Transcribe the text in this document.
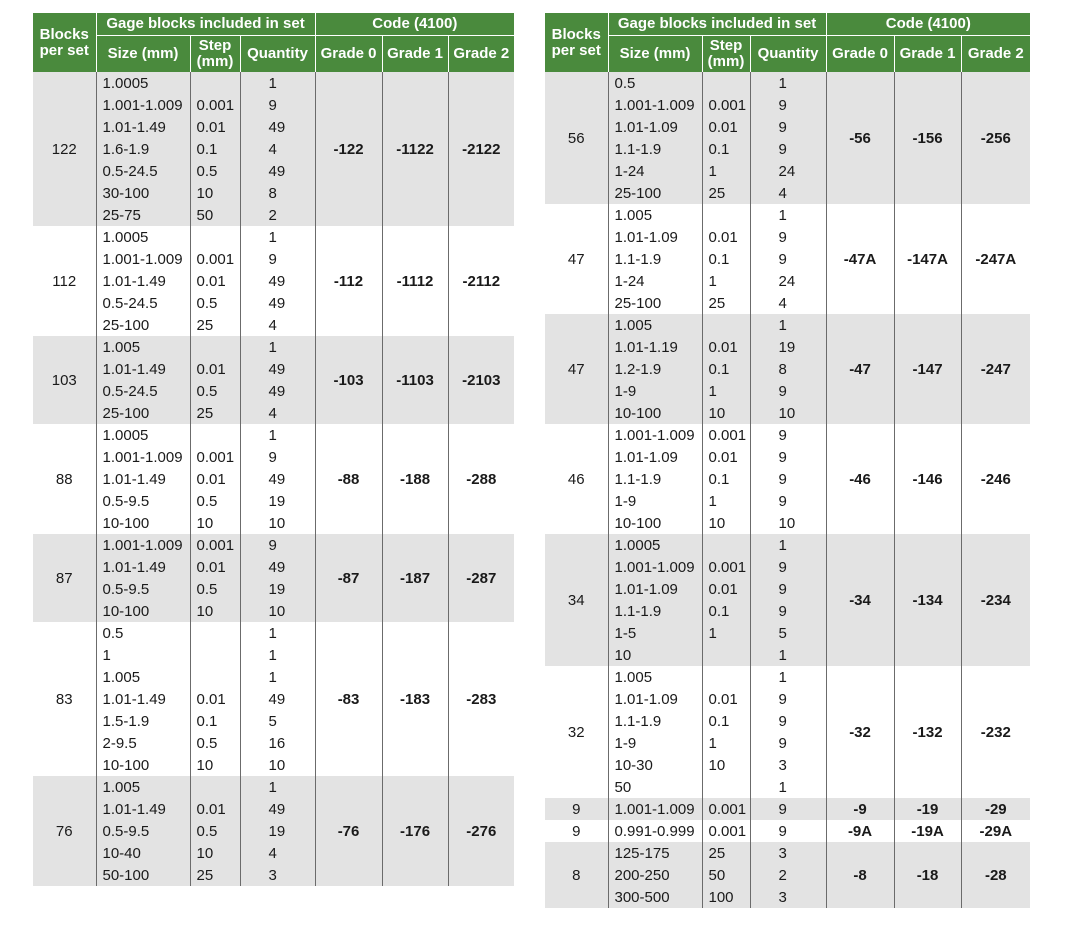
Blocks per set	Gage blocks included in set			Code (4100)		
	Size (mm)	Step (mm)	Quantity	Grade 0	Grade 1	Grade 2
122	1.0005		1	-122	-1122	-2122
	1.001-1.009	0.001	9			
	1.01-1.49	0.01	49			
	1.6-1.9	0.1	4			
	0.5-24.5	0.5	49			
	30-100	10	8			
	25-75	50	2			
112	1.0005		1	-112	-1112	-2112
	1.001-1.009	0.001	9			
	1.01-1.49	0.01	49			
	0.5-24.5	0.5	49			
	25-100	25	4			
103	1.005		1	-103	-1103	-2103
	1.01-1.49	0.01	49			
	0.5-24.5	0.5	49			
	25-100	25	4			
88	1.0005		1	-88	-188	-288
	1.001-1.009	0.001	9			
	1.01-1.49	0.01	49			
	0.5-9.5	0.5	19			
	10-100	10	10			
87	1.001-1.009	0.001	9	-87	-187	-287
	1.01-1.49	0.01	49			
	0.5-9.5	0.5	19			
	10-100	10	10			
83	0.5		1	-83	-183	-283
	1		1			
	1.005		1			
	1.01-1.49	0.01	49			
	1.5-1.9	0.1	5			
	2-9.5	0.5	16			
	10-100	10	10			
76	1.005		1	-76	-176	-276
	1.01-1.49	0.01	49			
	0.5-9.5	0.5	19			
	10-40	10	4			
	50-100	25	3			
Blocks per set	Gage blocks included in set			Code (4100)		
	Size (mm)	Step (mm)	Quantity	Grade 0	Grade 1	Grade 2
56	0.5		1	-56	-156	-256
	1.001-1.009	0.001	9			
	1.01-1.09	0.01	9			
	1.1-1.9	0.1	9			
	1-24	1	24			
	25-100	25	4			
47	1.005		1	-47A	-147A	-247A
	1.01-1.09	0.01	9			
	1.1-1.9	0.1	9			
	1-24	1	24			
	25-100	25	4			
47	1.005		1	-47	-147	-247
	1.01-1.19	0.01	19			
	1.2-1.9	0.1	8			
	1-9	1	9			
	10-100	10	10			
46	1.001-1.009	0.001	9	-46	-146	-246
	1.01-1.09	0.01	9			
	1.1-1.9	0.1	9			
	1-9	1	9			
	10-100	10	10			
34	1.0005		1	-34	-134	-234
	1.001-1.009	0.001	9			
	1.01-1.09	0.01	9			
	1.1-1.9	0.1	9			
	1-5	1	5			
	10		1			
32	1.005		1	-32	-132	-232
	1.01-1.09	0.01	9			
	1.1-1.9	0.1	9			
	1-9	1	9			
	10-30	10	3			
	50		1			
9	1.001-1.009	0.001	9	-9	-19	-29
9	0.991-0.999	0.001	9	-9A	-19A	-29A
8	125-175	25	3	-8	-18	-28
	200-250	50	2			
	300-500	100	3			
